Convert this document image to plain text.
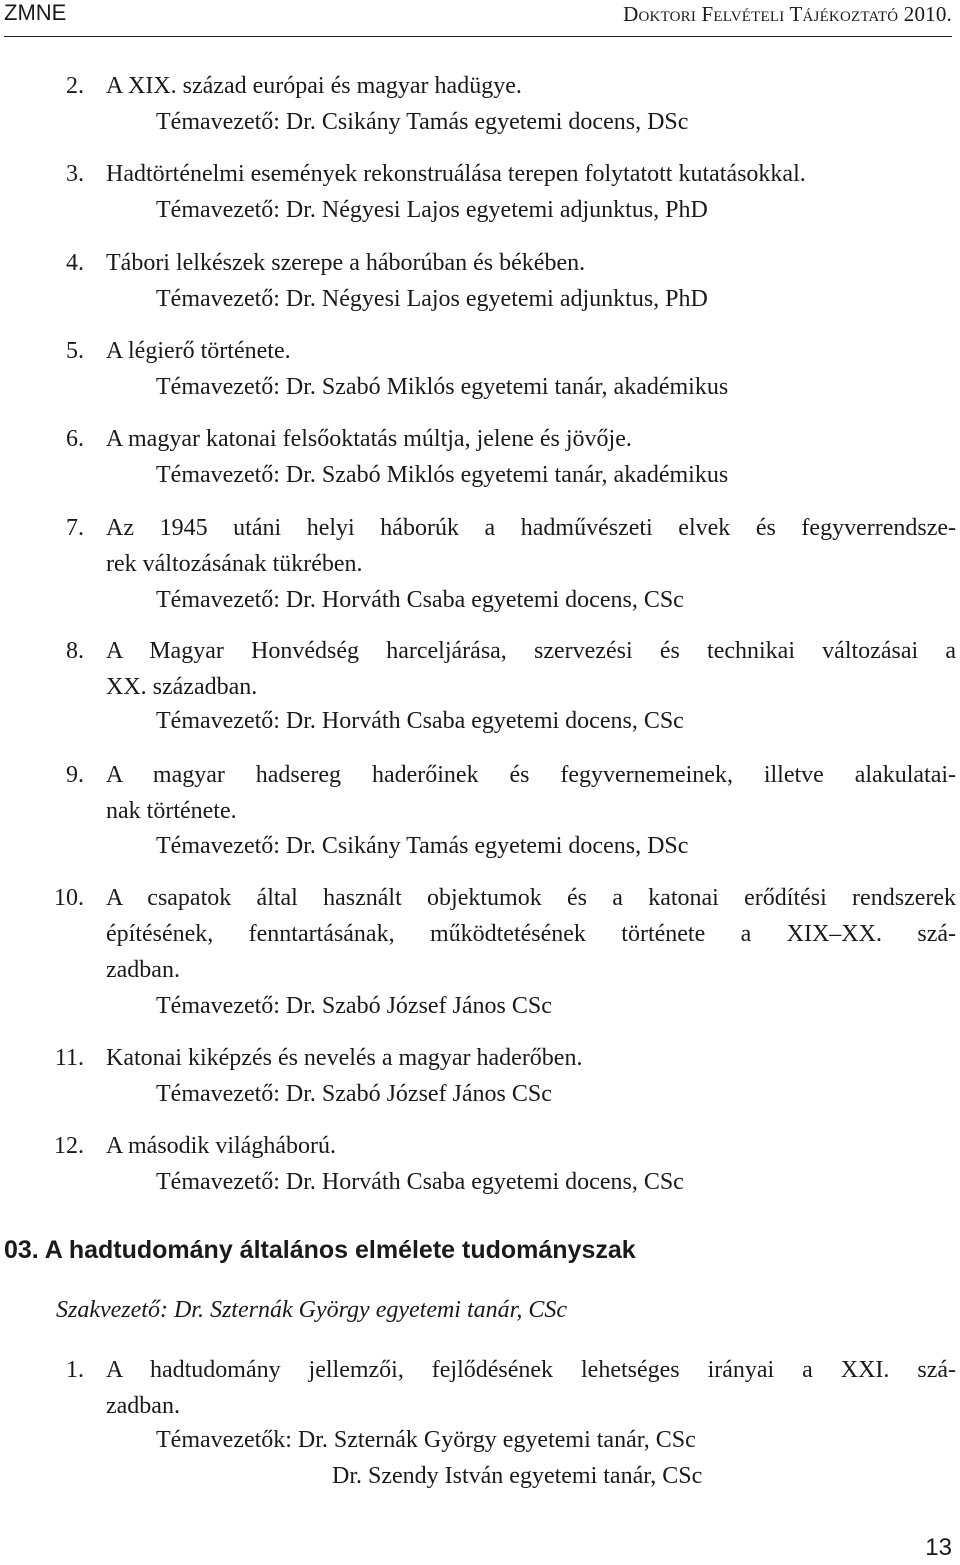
ZMNE	Doktori Felvételi Tájékoztató 2010.
2. A XIX. század európai és magyar hadügye.
Témavezető: Dr. Csikány Tamás egyetemi docens, DSc
3. Hadtörténelmi események rekonstruálása terepen folytatott kutatásokkal.
Témavezető: Dr. Négyesi Lajos egyetemi adjunktus, PhD
4. Tábori lelkészek szerepe a háborúban és békében.
Témavezető: Dr. Négyesi Lajos egyetemi adjunktus, PhD
5. A légierő története.
Témavezető: Dr. Szabó Miklós egyetemi tanár, akadémikus
6. A magyar katonai felsőoktatás múltja, jelene és jövője.
Témavezető: Dr. Szabó Miklós egyetemi tanár, akadémikus
7. Az 1945 utáni helyi háborúk a hadművészeti elvek és fegyverrendsze-
rek változásának tükrében.
Témavezető: Dr. Horváth Csaba egyetemi docens, CSc
8. A Magyar Honvédség harceljárása, szervezési és technikai változásai a
XX. században.
Témavezető: Dr. Horváth Csaba egyetemi docens, CSc
9. A magyar hadsereg haderőinek és fegyvernemeinek, illetve alakulatai-
nak története.
Témavezető: Dr. Csikány Tamás egyetemi docens, DSc
10. A csapatok által használt objektumok és a katonai erődítési rendszerek
építésének, fenntartásának, működtetésének története a XIX–XX. szá-
zadban.
Témavezető: Dr. Szabó József János CSc
11. Katonai kiképzés és nevelés a magyar haderőben.
Témavezető: Dr. Szabó József János CSc
12. A második világháború.
Témavezető: Dr. Horváth Csaba egyetemi docens, CSc
03. A hadtudomány általános elmélete tudományszak
Szakvezető: Dr. Szternák György egyetemi tanár, CSc
1. A hadtudomány jellemzői, fejlődésének lehetséges irányai a XXI. szá-
zadban.
Témavezetők: Dr. Szternák György egyetemi tanár, CSc
Dr. Szendy István egyetemi tanár, CSc
13
